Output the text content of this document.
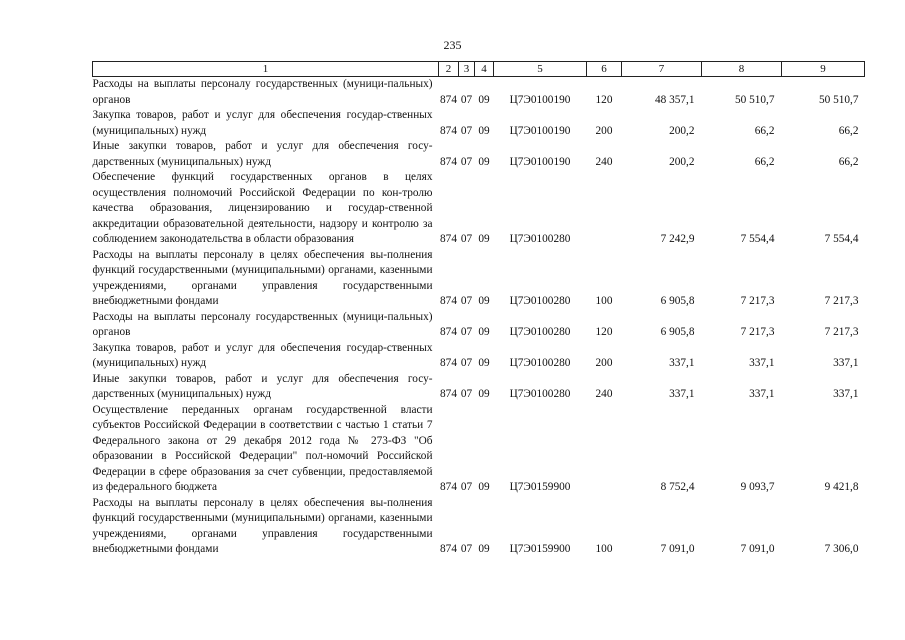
235
1	2	3	4	5	6	7	8	9
Расходы на выплаты персоналу государственных (муници-пальных) органов	874	07	09	Ц7Э0100190	120	48 357,1	50 510,7	50 510,7
Закупка товаров, работ и услуг для обеспечения государ-ственных (муниципальных) нужд	874	07	09	Ц7Э0100190	200	200,2	66,2	66,2
Иные закупки товаров, работ и услуг для обеспечения госу-дарственных (муниципальных) нужд	874	07	09	Ц7Э0100190	240	200,2	66,2	66,2
Обеспечение функций государственных органов в целях осуществления полномочий Российской Федерации по кон-тролю качества образования, лицензированию и государ-ственной аккредитации образовательной деятельности, надзору и контролю за соблюдением законодательства в области образования	874	07	09	Ц7Э0100280		7 242,9	7 554,4	7 554,4
Расходы на выплаты персоналу в целях обеспечения вы-полнения функций государственными (муниципальными) органами, казенными учреждениями, органами управления государственными внебюджетными фондами	874	07	09	Ц7Э0100280	100	6 905,8	7 217,3	7 217,3
Расходы на выплаты персоналу государственных (муници-пальных) органов	874	07	09	Ц7Э0100280	120	6 905,8	7 217,3	7 217,3
Закупка товаров, работ и услуг для обеспечения государ-ственных (муниципальных) нужд	874	07	09	Ц7Э0100280	200	337,1	337,1	337,1
Иные закупки товаров, работ и услуг для обеспечения госу-дарственных (муниципальных) нужд	874	07	09	Ц7Э0100280	240	337,1	337,1	337,1
Осуществление переданных органам государственной власти субъектов Российской Федерации в соответствии с частью 1 статьи 7 Федерального закона от 29 декабря 2012 года № 273-ФЗ "Об образовании в Российской Федерации" пол-номочий Российской Федерации в сфере образования за счет субвенции, предоставляемой из федерального бюджета	874	07	09	Ц7Э0159900		8 752,4	9 093,7	9 421,8
Расходы на выплаты персоналу в целях обеспечения вы-полнения функций государственными (муниципальными) органами, казенными учреждениями, органами управления государственными внебюджетными фондами	874	07	09	Ц7Э0159900	100	7 091,0	7 091,0	7 306,0
